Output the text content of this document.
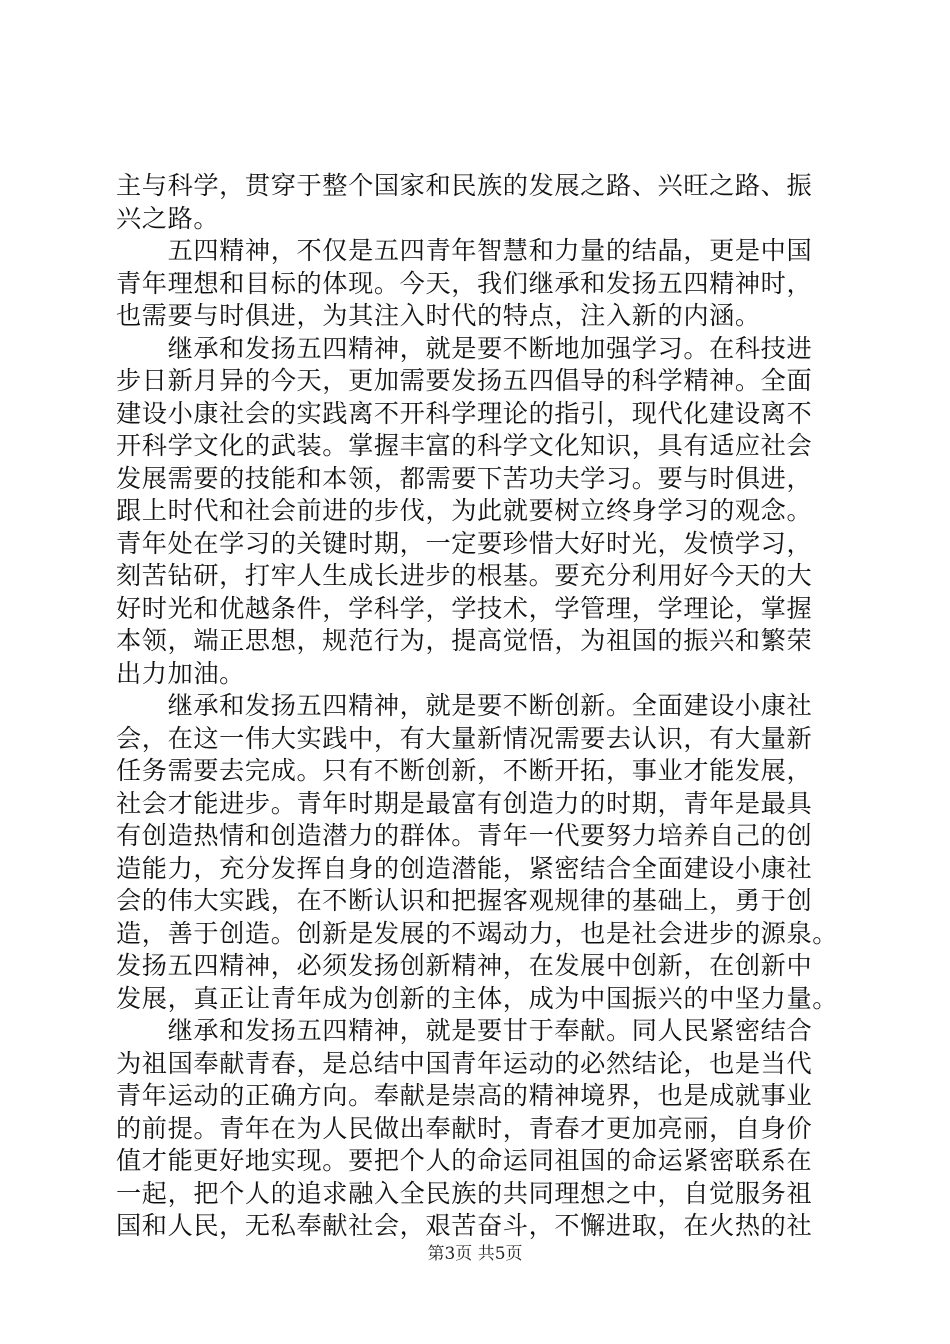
主与科学，贯穿于整个国家和民族的发展之路、兴旺之路、振
兴之路。
　　五四精神，不仅是五四青年智慧和力量的结晶，更是中国
青年理想和目标的体现。今天，我们继承和发扬五四精神时，
也需要与时俱进，为其注入时代的特点，注入新的内涵。
　　继承和发扬五四精神，就是要不断地加强学习。在科技进
步日新月异的今天，更加需要发扬五四倡导的科学精神。全面
建设小康社会的实践离不开科学理论的指引，现代化建设离不
开科学文化的武装。掌握丰富的科学文化知识，具有适应社会
发展需要的技能和本领，都需要下苦功夫学习。要与时俱进，
跟上时代和社会前进的步伐，为此就要树立终身学习的观念。
青年处在学习的关键时期，一定要珍惜大好时光，发愤学习，
刻苦钻研，打牢人生成长进步的根基。要充分利用好今天的大
好时光和优越条件，学科学，学技术，学管理，学理论，掌握
本领，端正思想，规范行为，提高觉悟，为祖国的振兴和繁荣
出力加油。
　　继承和发扬五四精神，就是要不断创新。全面建设小康社
会，在这一伟大实践中，有大量新情况需要去认识，有大量新
任务需要去完成。只有不断创新，不断开拓，事业才能发展，
社会才能进步。青年时期是最富有创造力的时期，青年是最具
有创造热情和创造潜力的群体。青年一代要努力培养自己的创
造能力，充分发挥自身的创造潜能，紧密结合全面建设小康社
会的伟大实践，在不断认识和把握客观规律的基础上，勇于创
造，善于创造。创新是发展的不竭动力，也是社会进步的源泉。
发扬五四精神，必须发扬创新精神，在发展中创新，在创新中
发展，真正让青年成为创新的主体，成为中国振兴的中坚力量。
　　继承和发扬五四精神，就是要甘于奉献。同人民紧密结合
为祖国奉献青春，是总结中国青年运动的必然结论，也是当代
青年运动的正确方向。奉献是崇高的精神境界，也是成就事业
的前提。青年在为人民做出奉献时，青春才更加亮丽，自身价
值才能更好地实现。要把个人的命运同祖国的命运紧密联系在
一起，把个人的追求融入全民族的共同理想之中，自觉服务祖
国和人民，无私奉献社会，艰苦奋斗，不懈进取，在火热的社
第3页 共5页
